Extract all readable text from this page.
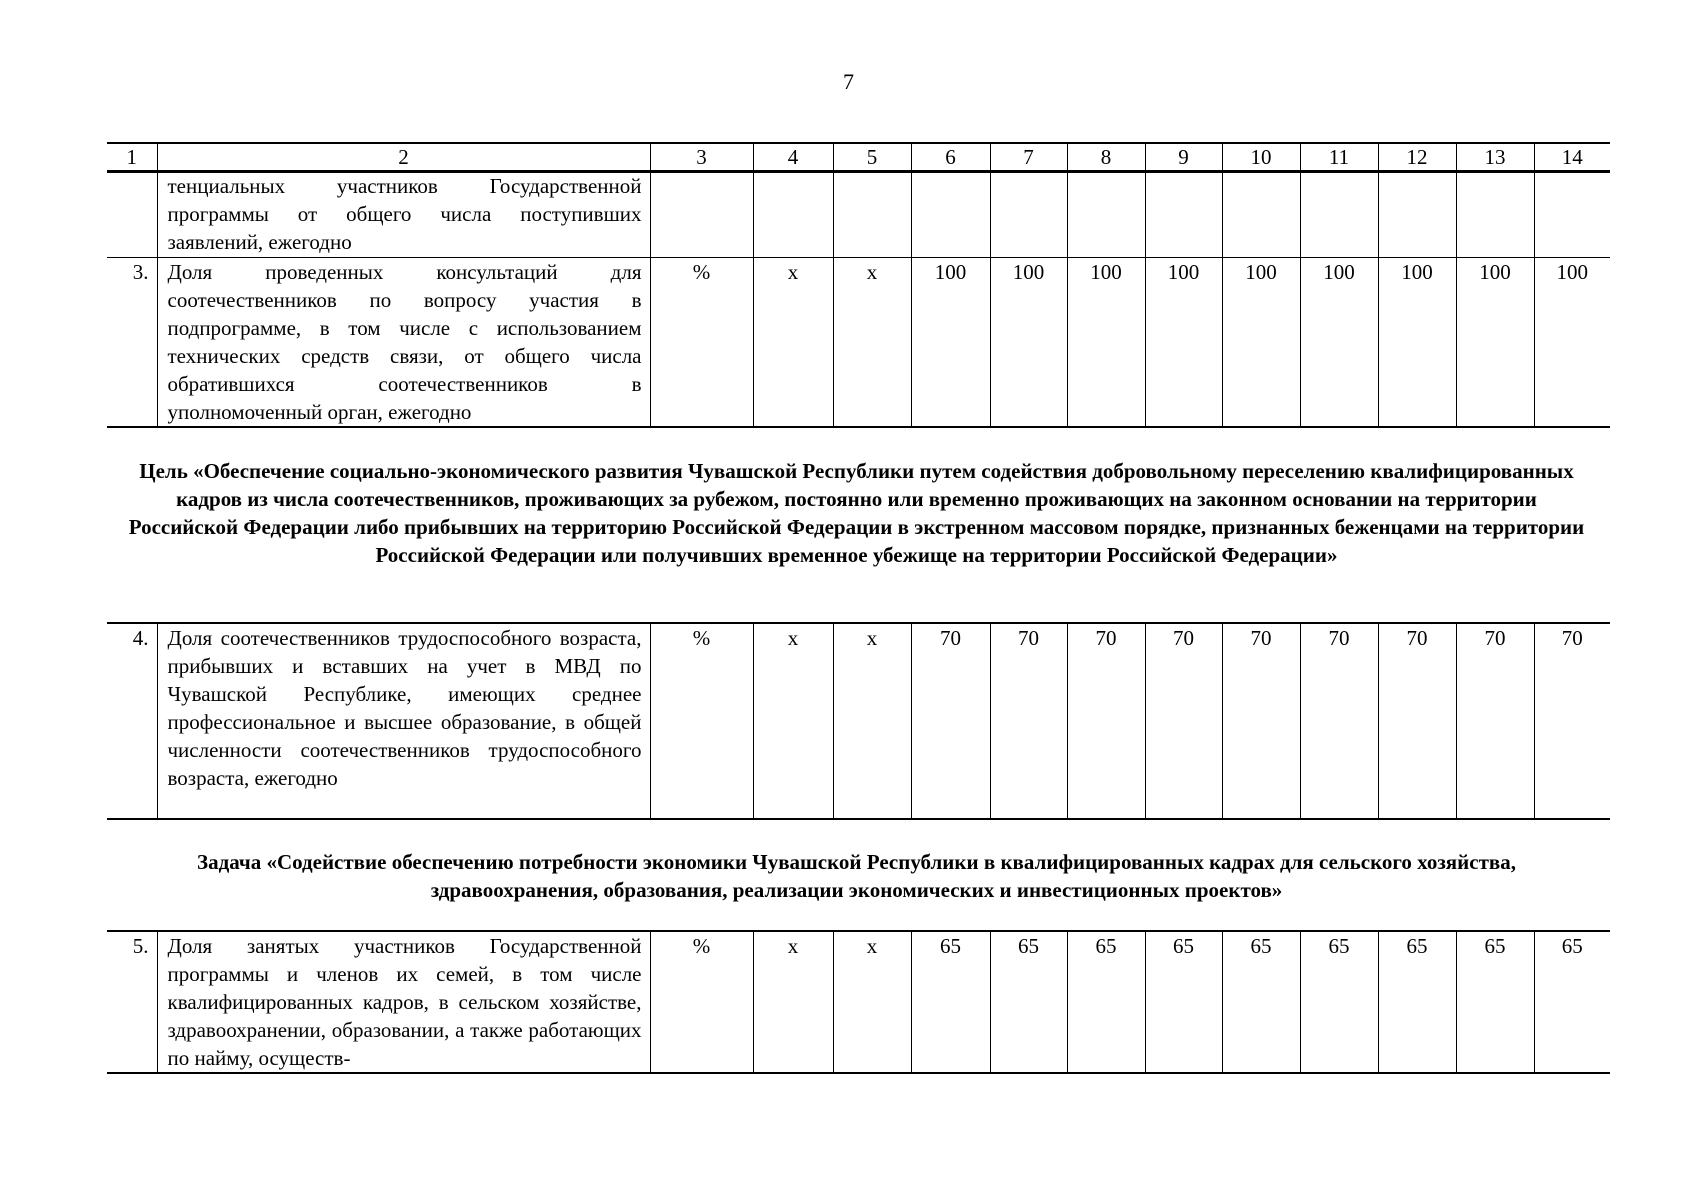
7
1	2	3	4	5	6	7	8	9	10	11	12	13	14
	тенциальных участников Государственной программы от общего числа поступивших заявлений, ежегодно												
3.	Доля проведенных консультаций для соотечественников по вопросу участия в подпрограмме, в том числе с использованием технических средств связи, от общего числа обратившихся соотечественников в уполномоченный орган, ежегодно	%	х	х	100	100	100	100	100	100	100	100	100
Цель «Обеспечение социально-экономического развития Чувашской Республики путем содействия добровольному переселению квалифицированных кадров из числа соотечественников, проживающих за рубежом, постоянно или временно проживающих на законном основании на территории Российской Федерации либо прибывших на территорию Российской Федерации в экстренном массовом порядке, признанных беженцами на территории Российской Федерации или получивших временное убежище на территории Российской Федерации»
4.	Доля соотечественников трудоспособного возраста, прибывших и вставших на учет в МВД по Чувашской Республике, имеющих среднее профессиональное и высшее образование, в общей численности соотечественников трудоспособного возраста, ежегодно	%	х	х	70	70	70	70	70	70	70	70	70
Задача «Содействие обеспечению потребности экономики Чувашской Республики в квалифицированных кадрах для сельского хозяйства, здравоохранения, образования, реализации экономических и инвестиционных проектов»
5.	Доля занятых участников Государственной программы и членов их семей, в том числе квалифицированных кадров, в сельском хозяйстве, здравоохранении, образовании, а также работающих по найму, осуществ-	%	х	х	65	65	65	65	65	65	65	65	65
